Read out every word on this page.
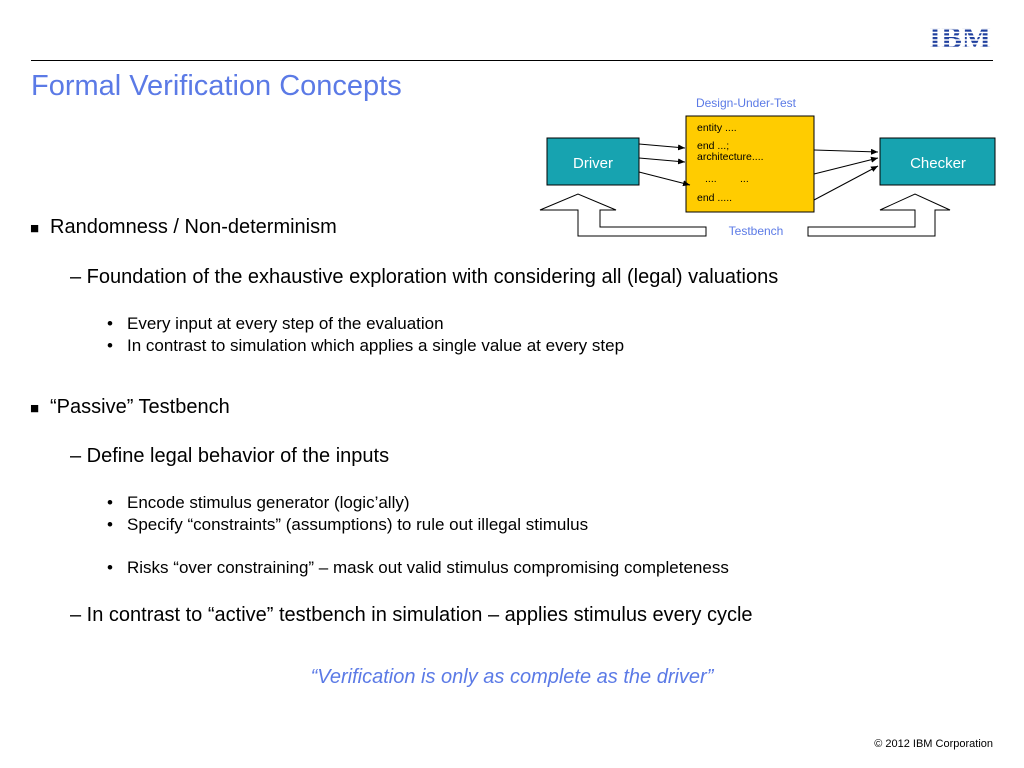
Formal Verification Concepts
IBM
Design-Under-Test
entity ....
end ...;
architecture....
....        ...
end .....
Driver	Checker
Testbench
■ Randomness / Non-determinism
– Foundation of the exhaustive exploration with considering all (legal) valuations
• Every input at every step of the evaluation
• In contrast to simulation which applies a single value at every step
■ “Passive” Testbench
– Define legal behavior of the inputs
• Encode stimulus generator (logic’ally)
• Specify “constraints” (assumptions) to rule out illegal stimulus
• Risks “over constraining” – mask out valid stimulus compromising completeness
– In contrast to “active” testbench in simulation – applies stimulus every cycle
“Verification is only as complete as the driver”
© 2012 IBM Corporation
